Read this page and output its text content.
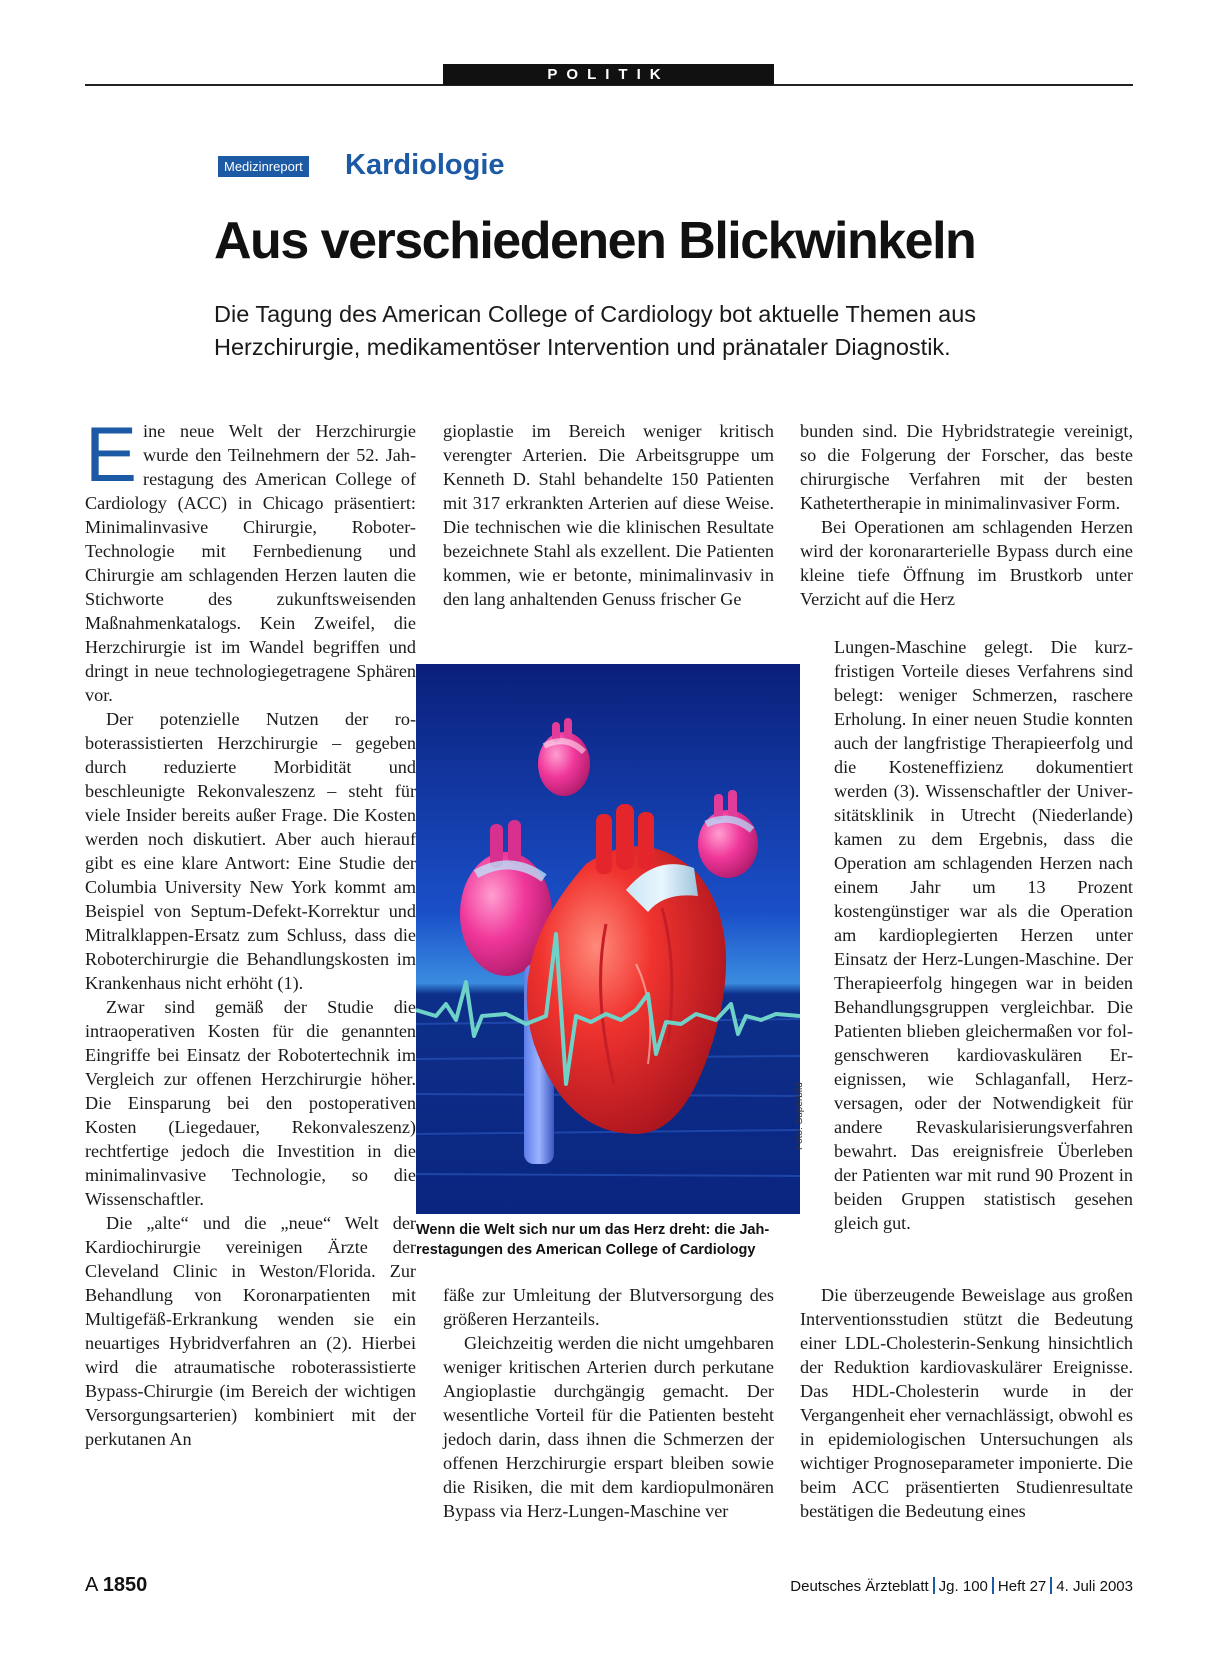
POLITIK
Medizinreport Kardiologie
Aus verschiedenen Blickwinkeln
Die Tagung des American College of Cardiology bot aktuelle Themen aus Herzchirurgie, medikamentöser Intervention und pränataler Diagnostik.

Eine neue Welt der Herzchirurgie wurde den Teilnehmern der 52. Jahrestagung des American College of Cardiology (ACC) in Chicago präsentiert: Minimalinvasive Chirurgie, Roboter-Technologie mit Fernbedienung und Chirurgie am schlagenden Herzen lauten die Stichworte des zukunftsweisenden Maßnahmenkatalogs. Kein Zweifel, die Herzchirurgie ist im Wandel begriffen und dringt in neue technologiegetragene Sphären vor.

Der potenzielle Nutzen der roboterassistierten Herzchirurgie – gegeben durch reduzierte Morbidität und beschleunigte Rekonvaleszenz – steht für viele Insider bereits außer Frage. Die Kosten werden noch diskutiert. Aber auch hierauf gibt es eine klare Antwort: Eine Studie der Columbia University New York kommt am Beispiel von Septum-Defekt-Korrektur und Mitralklappen-Ersatz zum Schluss, dass die Roboterchirurgie die Behandlungskosten im Krankenhaus nicht erhöht (1).

Zwar sind gemäß der Studie die intraoperativen Kosten für die genannten Eingriffe bei Einsatz der Robotertechnik im Vergleich zur offenen Herzchirurgie höher. Die Einsparung bei den postoperativen Kosten (Liegedauer, Rekonvaleszenz) rechtfertige jedoch die Investition in die minimalinvasive Technologie, so die Wissenschaftler.

Die „alte“ und die „neue“ Welt der Kardiochirurgie vereinigen Ärzte der Cleveland Clinic in Weston/Florida. Zur Behandlung von Koronarpatienten mit Multigefäß-Erkrankung wenden sie ein neuartiges Hybridverfahren an (2). Hierbei wird die atraumatische roboterassistierte Bypass-Chirurgie (im Bereich der wichtigen Versorgungsarterien) kombiniert mit der perkutanen An

gioplastie im Bereich weniger kritisch verengter Arterien. Die Arbeitsgruppe um Kenneth D. Stahl behandelte 150 Patienten mit 317 erkrankten Arterien auf diese Weise. Die technischen wie die klinischen Resultate bezeichnete Stahl als exzellent. Die Patienten kommen, wie er betonte, minimalinvasiv in den lang anhaltenden Genuss frischer Ge

fäße zur Umleitung der Blutversorgung des größeren Herzanteils.

Gleichzeitig werden die nicht umgehbaren weniger kritischen Arterien durch perkutane Angioplastie durchgängig gemacht. Der wesentliche Vorteil für die Patienten besteht jedoch darin, dass ihnen die Schmerzen der offenen Herzchirurgie erspart bleiben sowie die Risiken, die mit dem kardiopulmonären Bypass via Herz-Lungen-Maschine ver

bunden sind. Die Hybridstrategie vereinigt, so die Folgerung der Forscher, das beste chirurgische Verfahren mit der besten Kathetertherapie in minimalinvasiver Form.

Bei Operationen am schlagenden Herzen wird der koronararterielle Bypass durch eine kleine tiefe Öffnung im Brustkorb unter Verzicht auf die Herz

Lungen-Maschine gelegt. Die kurzfristigen Vorteile dieses Verfahrens sind belegt: weniger Schmerzen, raschere Erholung. In einer neuen Studie konnten auch der langfristige Therapieerfolg und die Kosteneffizienz dokumentiert werden (3). Wissenschaftler der Universitätsklinik in Utrecht (Niederlande) kamen zu dem Ergebnis, dass die Operation am schlagenden Herzen nach einem Jahr um 13 Prozent kostengünstiger war als die Operation am kardioplegierten Herzen unter Einsatz der Herz-Lungen-Maschine. Der Therapieerfolg hingegen war in beiden Behandlungsgruppen vergleichbar. Die Patienten blieben gleichermaßen vor folgenschweren kardiovaskulären Ereignissen, wie Schlaganfall, Herzversagen, oder der Notwendigkeit für andere Revaskularisierungsverfahren bewahrt. Das ereignisfreie Überleben der Patienten war mit rund 90 Prozent in beiden Gruppen statistisch gesehen gleich gut.

Die überzeugende Beweislage aus großen Interventionsstudien stützt die Bedeutung einer LDL-Cholesterin-Senkung hinsichtlich der Reduktion kardiovaskulärer Ereignisse. Das HDL-Cholesterin wurde in der Vergangenheit eher vernachlässigt, obwohl es in epidemiologischen Untersuchungen als wichtiger Prognoseparameter imponierte. Die beim ACC präsentierten Studienresultate bestätigen die Bedeutung eines

Foto: Superbild
Wenn die Welt sich nur um das Herz dreht: die Jahrestagungen des American College of Cardiology
A 1850	Deutsches Ärzteblatt Jg. 100 Heft 27 4. Juli 2003
